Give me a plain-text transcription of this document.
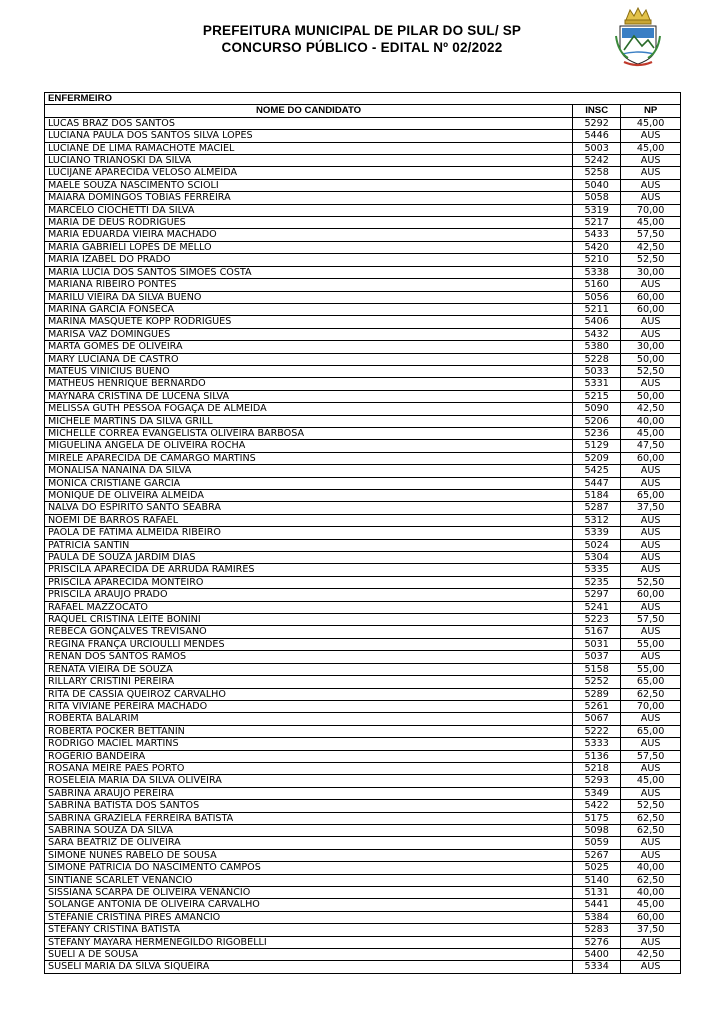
PREFEITURA MUNICIPAL DE PILAR DO SUL/ SP
CONCURSO PÚBLICO - EDITAL Nº 02/2022
ENFERMEIRO		
NOME DO CANDIDATO	INSC	NP
LUCAS BRAZ DOS SANTOS	5292	45,00
LUCIANA PAULA DOS SANTOS SILVA LOPES	5446	AUS
LUCIANE DE LIMA RAMACHOTE MACIEL	5003	45,00
LUCIANO TRIANOSKI DA SILVA	5242	AUS
LUCIJANE APARECIDA VELOSO ALMEIDA	5258	AUS
MAELE SOUZA NASCIMENTO SCIOLI	5040	AUS
MAIARA DOMINGOS TOBIAS FERREIRA	5058	AUS
MARCELO CIOCHETTI DA SILVA	5319	70,00
MARIA DE DEUS RODRIGUES	5217	45,00
MARIA EDUARDA VIEIRA MACHADO	5433	57,50
MARIA GABRIELI LOPES DE MELLO	5420	42,50
MARIA IZABEL DO PRADO	5210	52,50
MARIA LUCIA DOS SANTOS SIMOES COSTA	5338	30,00
MARIANA RIBEIRO PONTES	5160	AUS
MARILU VIEIRA DA SILVA BUENO	5056	60,00
MARINA GARCIA FONSECA	5211	60,00
MARINA MASQUETE KOPP RODRIGUES	5406	AUS
MARISA VAZ DOMINGUES	5432	AUS
MARTA GOMES DE OLIVEIRA	5380	30,00
MARY LUCIANA DE CASTRO	5228	50,00
MATEUS VINICIUS BUENO	5033	52,50
MATHEUS HENRIQUE BERNARDO	5331	AUS
MAYNARA CRISTINA DE LUCENA SILVA	5215	50,00
MELISSA GUTH PESSOA FOGAÇA DE ALMEIDA	5090	42,50
MICHELE MARTINS DA SILVA GRILL	5206	40,00
MICHELLE CORRÊA EVANGELISTA OLIVEIRA BARBOSA	5236	45,00
MIGUELINA ANGELA DE OLIVEIRA ROCHA	5129	47,50
MIRELE APARECIDA DE CAMARGO MARTINS	5209	60,00
MONALISA NANAINA DA SILVA	5425	AUS
MONICA CRISTIANE GARCIA	5447	AUS
MONIQUE DE OLIVEIRA ALMEIDA	5184	65,00
NALVA DO ESPIRITO SANTO SEABRA	5287	37,50
NOEMI DE BARROS RAFAEL	5312	AUS
PAOLA DE FÁTIMA ALMEIDA RIBEIRO	5339	AUS
PATRICIA SANTIN	5024	AUS
PAULA DE SOUZA JARDIM DIAS	5304	AUS
PRISCILA APARECIDA DE ARRUDA RAMIRES	5335	AUS
PRISCILA APARECIDA MONTEIRO	5235	52,50
PRISCILA ARAUJO PRADO	5297	60,00
RAFAEL MAZZOCATO	5241	AUS
RAQUEL CRISTINA LEITE BONINI	5223	57,50
REBECA GONÇALVES TREVISANO	5167	AUS
REGINA FRANÇA URCIOULLI MENDES	5031	55,00
RENAN DOS SANTOS RAMOS	5037	AUS
RENATA VIEIRA DE SOUZA	5158	55,00
RILLARY CRISTINI PEREIRA	5252	65,00
RITA DE CASSIA QUEIROZ CARVALHO	5289	62,50
RITA VIVIANE PEREIRA MACHADO	5261	70,00
ROBERTA BALARIM	5067	AUS
ROBERTA POCKER BETTANIN	5222	65,00
RODRIGO MACIEL MARTINS	5333	AUS
ROGÉRIO BANDEIRA	5136	57,50
ROSANA MEIRE PAES PORTO	5218	AUS
ROSELÉIA MARIA DA SILVA OLIVEIRA	5293	45,00
SABRINA ARAUJO PEREIRA	5349	AUS
SABRINA BATISTA DOS SANTOS	5422	52,50
SABRINA GRAZIELA FERREIRA BATISTA	5175	62,50
SABRINA SOUZA DA SILVA	5098	62,50
SARA BEATRIZ DE OLIVEIRA	5059	AUS
SIMONE NUNES RABELO DE SOUSA	5267	AUS
SIMONE PATRICIA DO NASCIMENTO CAMPOS	5025	40,00
SINTIANE SCARLET VENANCIO	5140	62,50
SISSIANA SCARPA DE OLIVEIRA VENÂNCIO	5131	40,00
SOLANGE ANTÔNIA DE OLIVEIRA CARVALHO	5441	45,00
STÉFANIE CRISTINA PIRES AMANCIO	5384	60,00
STEFANY CRISTINA BATISTA	5283	37,50
STEFANY MAYARA HERMENEGILDO RIGOBELLI	5276	AUS
SUELI A DE SOUSA	5400	42,50
SUSELI MARIA DA SILVA SIQUEIRA	5334	AUS
